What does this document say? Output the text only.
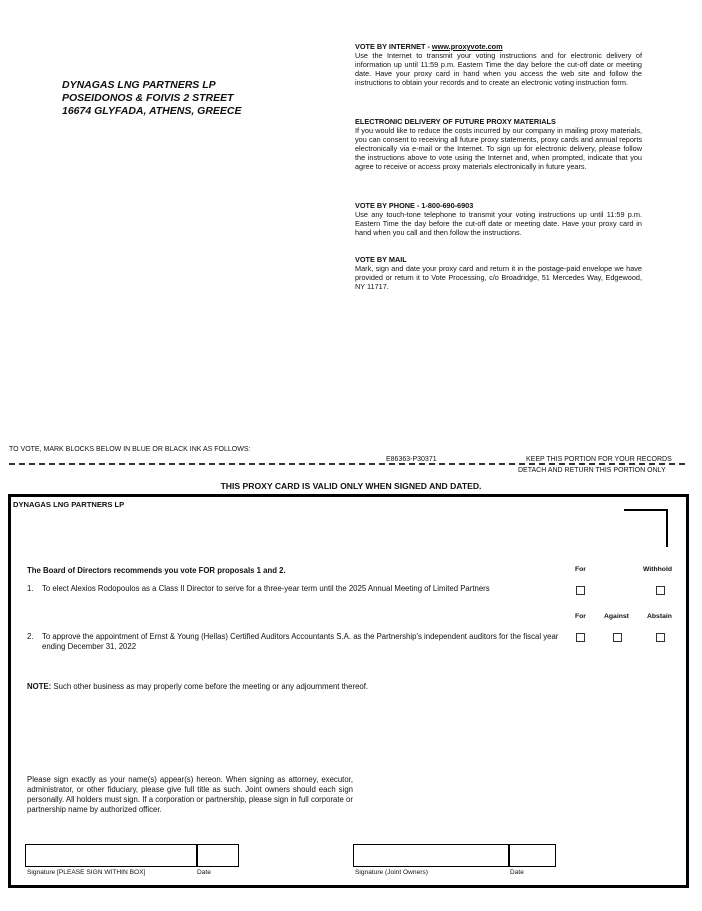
DYNAGAS LNG PARTNERS LP
POSEIDONOS & FOIVIS 2 STREET
16674 GLYFADA, ATHENS, GREECE
VOTE BY INTERNET - www.proxyvote.com

Use the Internet to transmit your voting instructions and for electronic delivery of information up until 11:59 p.m. Eastern Time the day before the cut-off date or meeting date. Have your proxy card in hand when you access the web site and follow the instructions to obtain your records and to create an electronic voting instruction form.

ELECTRONIC DELIVERY OF FUTURE PROXY MATERIALS

If you would like to reduce the costs incurred by our company in mailing proxy materials, you can consent to receiving all future proxy statements, proxy cards and annual reports electronically via e-mail or the Internet. To sign up for electronic delivery, please follow the instructions above to vote using the Internet and, when prompted, indicate that you agree to receive or access proxy materials electronically in future years.

VOTE BY PHONE - 1-800-690-6903

Use any touch-tone telephone to transmit your voting instructions up until 11:59 p.m. Eastern Time the day before the cut-off date or meeting date. Have your proxy card in hand when you call and then follow the instructions.

VOTE BY MAIL

Mark, sign and date your proxy card and return it in the postage-paid envelope we have provided or return it to Vote Processing, c/o Broadridge, 51 Mercedes Way, Edgewood, NY 11717.

TO VOTE, MARK BLOCKS BELOW IN BLUE OR BLACK INK AS FOLLOWS:
E86363-P30371	KEEP THIS PORTION FOR YOUR RECORDS
DETACH AND RETURN THIS PORTION ONLY
THIS PROXY CARD IS VALID ONLY WHEN SIGNED AND DATED.
DYNAGAS LNG PARTNERS LP
The Board of Directors recommends you vote FOR proposals 1 and 2.	For	Withhold
1. To elect Alexios Rodopoulos as a Class II Director to serve for a three-year term until the 2025 Annual Meeting of Limited Partners
For	Against	Abstain
2. To approve the appointment of Ernst & Young (Hellas) Certified Auditors Accountants S.A. as the Partnership's independent auditors for the fiscal year ending December 31, 2022
NOTE: Such other business as may properly come before the meeting or any adjournment thereof.

Please sign exactly as your name(s) appear(s) hereon. When signing as attorney, executor, administrator, or other fiduciary, please give full title as such. Joint owners should each sign personally. All holders must sign. If a corporation or partnership, please sign in full corporate or partnership name by authorized officer.

Signature [PLEASE SIGN WITHIN BOX]	Date	Signature (Joint Owners)	Date
